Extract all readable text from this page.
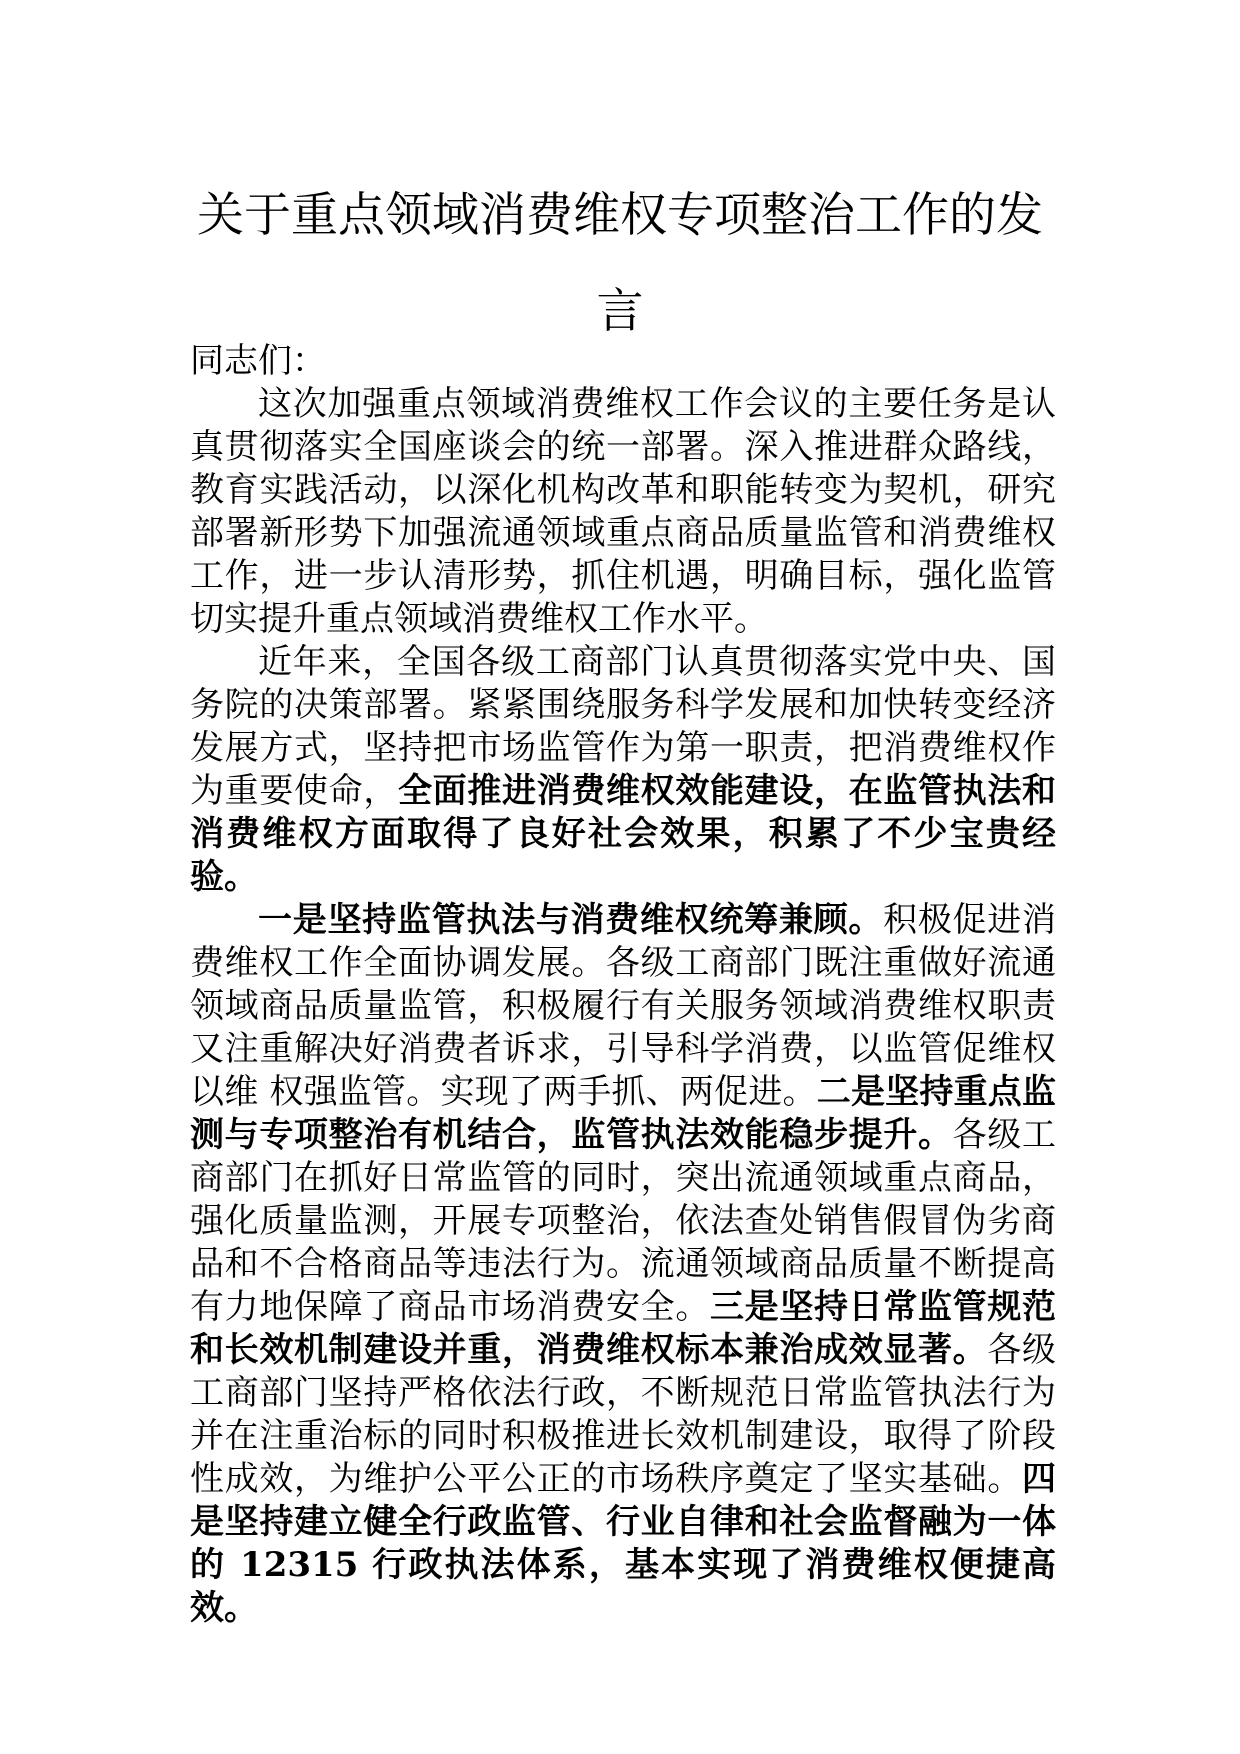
关于重点领域消费维权专项整治工作的发言

同志们：

这次加强重点领域消费维权工作会议的主要任务是认真贯彻落实全国座谈会的统一部署。深入推进群众路线，教育实践活动，以深化机构改革和职能转变为契机，研究部署新形势下加强流通领域重点商品质量监管和消费维权工作，进一步认清形势，抓住机遇，明确目标，强化监管切实提升重点领域消费维权工作水平。

近年来，全国各级工商部门认真贯彻落实党中央、国务院的决策部署。紧紧围绕服务科学发展和加快转变经济发展方式，坚持把市场监管作为第一职责，把消费维权作为重要使命，全面推进消费维权效能建设，在监管执法和消费维权方面取得了良好社会效果，积累了不少宝贵经验。

一是坚持监管执法与消费维权统筹兼顾。积极促进消费维权工作全面协调发展。各级工商部门既注重做好流通领域商品质量监管，积极履行有关服务领域消费维权职责又注重解决好消费者诉求，引导科学消费，以监管促维权以维 权强监管。实现了两手抓、两促进。二是坚持重点监测与专项整治有机结合，监管执法效能稳步提升。各级工商部门在抓好日常监管的同时，突出流通领域重点商品，强化质量监测，开展专项整治，依法查处销售假冒伪劣商品和不合格商品等违法行为。流通领域商品质量不断提高有力地保障了商品市场消费安全。三是坚持日常监管规范和长效机制建设并重，消费维权标本兼治成效显著。各级工商部门坚持严格依法行政，不断规范日常监管执法行为并在注重治标的同时积极推进长效机制建设，取得了阶段性成效，为维护公平公正的市场秩序奠定了坚实基础。四是坚持建立健全行政监管、行业自律和社会监督融为一体的 12315 行政执法体系，基本实现了消费维权便捷高效。
